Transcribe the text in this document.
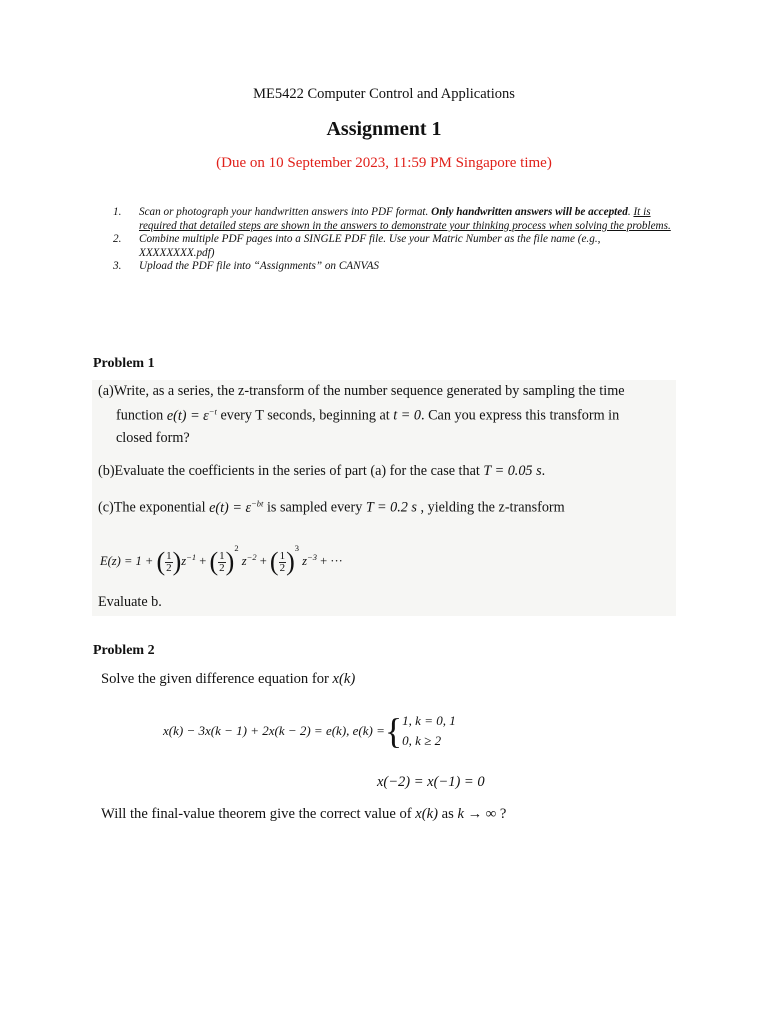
ME5422 Computer Control and Applications
Assignment 1
(Due on 10 September 2023, 11:59 PM Singapore time)
1.	Scan or photograph your handwritten answers into PDF format. Only handwritten answers will be accepted. It is required that detailed steps are shown in the answers to demonstrate your thinking process when solving the problems.
2.	Combine multiple PDF pages into a SINGLE PDF file. Use your Matric Number as the file name (e.g., XXXXXXXX.pdf)
3.	Upload the PDF file into “Assignments” on CANVAS
Problem 1
(a)Write, as a series, the z-transform of the number sequence generated by sampling the time
function $e(t) = \varepsilon^{-t}$ every T seconds, beginning at t = 0. Can you express this transform in
closed form?
(b)Evaluate the coefficients in the series of part (a) for the case that T = 0.05 s.
(c)The exponential $e(t) = \varepsilon^{-bt}$ is sampled every T = 0.2 s , yielding the z-transform
E(z) = 1 + ( $\frac{1}{2} )z^{-1}$ + ( $\frac{1}{2} )^2$ $z^{-2}$ + ( $\frac{1}{2} )^3$ $z^{-3}$ + ···
Evaluate b.
Problem 2
Solve the given difference equation for x(k)
x(k) − 3x(k − 1) + 2x(k − 2) = e(k), e(k) = { 1, k = 0, 1
0, k ≥ 2
x(−2) = x(−1) = 0
Will the final-value theorem give the correct value of x(k) as k → ∞ ?
